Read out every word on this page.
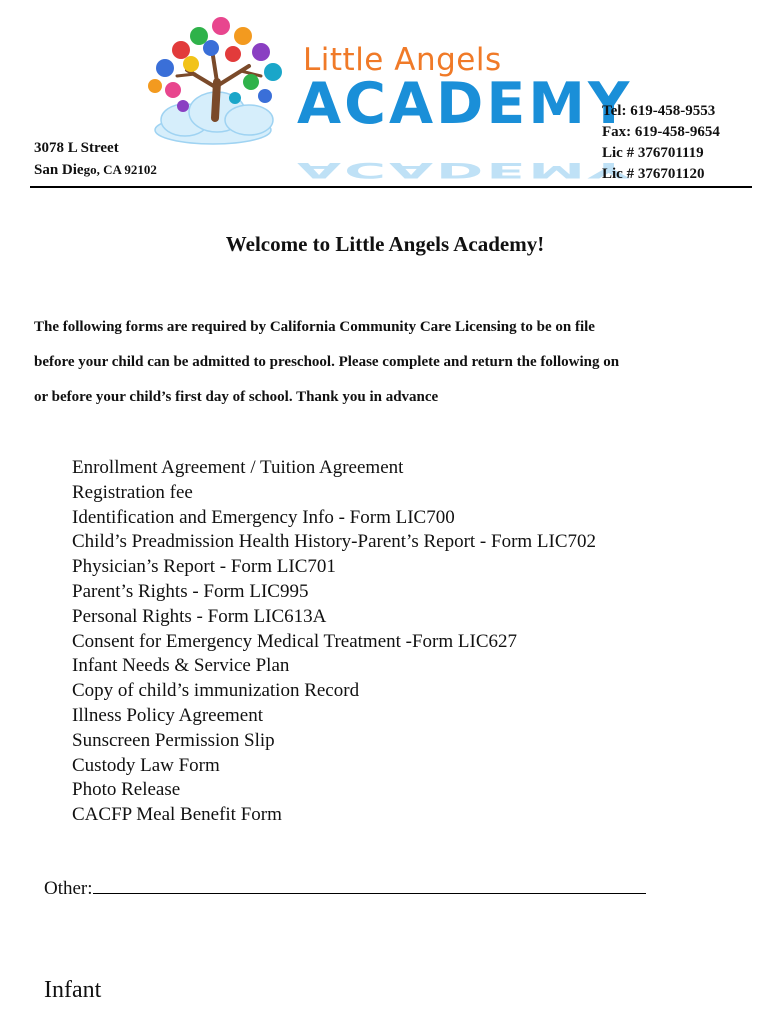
Little Angels
ACADEMY
ACADEMY
3078 L Street
San Diego, CA 92102
Tel: 619-458-9553
Fax: 619-458-9654
Lic # 376701119
Lic # 376701120
Welcome to Little Angels Academy!

The following forms are required by California Community Care Licensing to be on file

before your child can be admitted to preschool. Please complete and return the following on

or before your child’s first day of school. Thank you in advance

Enrollment Agreement / Tuition Agreement
Registration fee
Identification and Emergency Info - Form LIC700
Child’s Preadmission Health History-Parent’s Report - Form LIC702
Physician’s Report - Form LIC701
Parent’s Rights - Form LIC995
Personal Rights - Form LIC613A
Consent for Emergency Medical Treatment -Form LIC627
Infant Needs & Service Plan
Copy of child’s immunization Record
Illness Policy Agreement
Sunscreen Permission Slip
Custody Law Form
Photo Release
CACFP Meal Benefit Form
Other:
Infant
